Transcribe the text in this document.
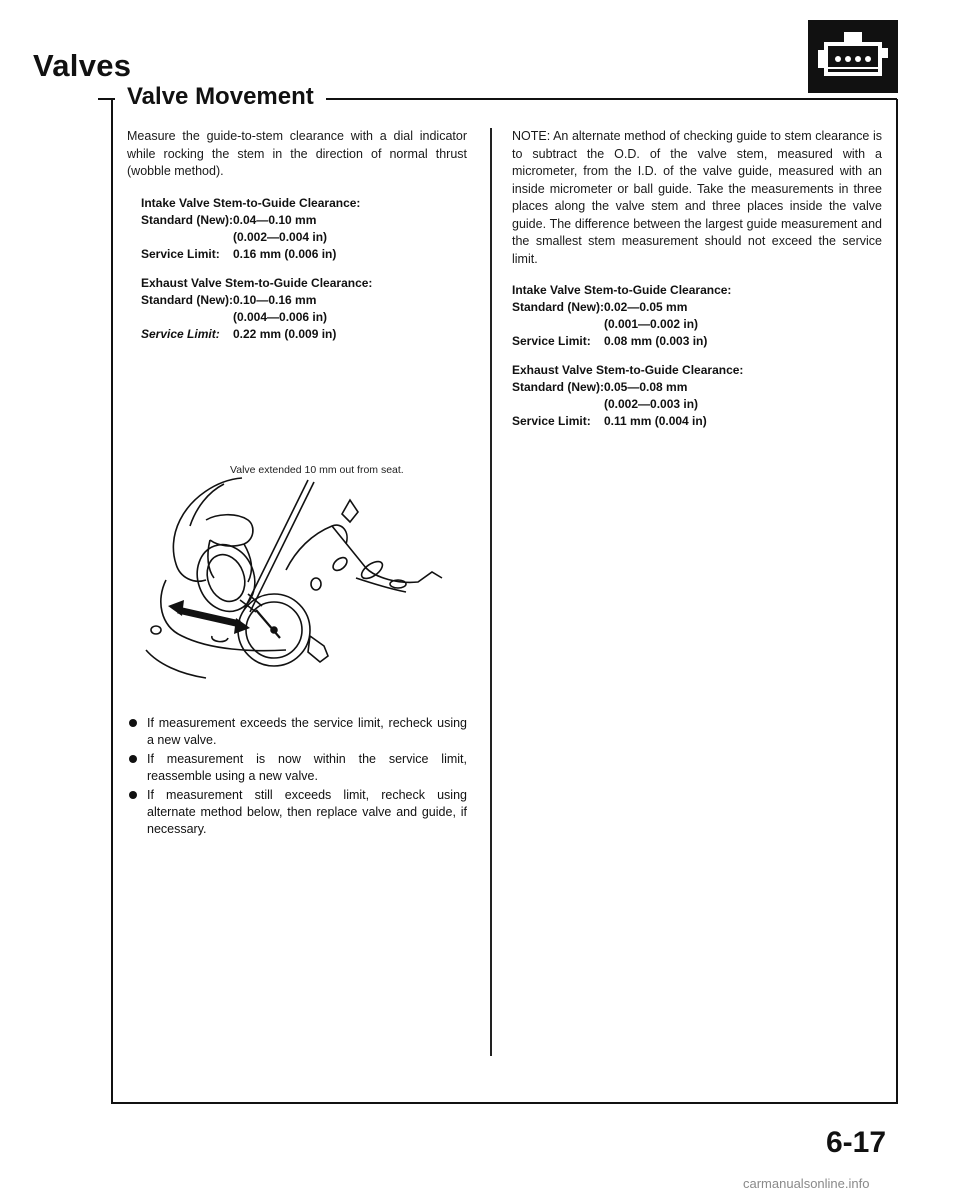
Valves
Valve Movement

Measure the guide-to-stem clearance with a dial indicator while rocking the stem in the direction of normal thrust (wobble method).

Intake Valve Stem-to-Guide Clearance:
Standard (New): 0.04—0.10 mm
(0.002—0.004 in)
Service Limit:	0.16 mm (0.006 in)
Exhaust Valve Stem-to-Guide Clearance:
Standard (New): 0.10—0.16 mm
(0.004—0.006 in)
Service Limit:	0.22 mm (0.009 in)
Valve extended 10 mm out from seat.
If measurement exceeds the service limit, recheck using a new valve.
If measurement is now within the service limit, reassemble using a new valve.
If measurement still exceeds limit, recheck using alternate method below, then replace valve and guide, if necessary.

NOTE: An alternate method of checking guide to stem clearance is to subtract the O.D. of the valve stem, measured with a micrometer, from the I.D. of the valve guide, measured with an inside micrometer or ball guide. Take the measurements in three places along the valve stem and three places inside the valve guide. The difference between the largest guide measurement and the smallest stem measurement should not exceed the service limit.

Intake Valve Stem-to-Guide Clearance:
Standard (New): 0.02—0.05 mm
(0.001—0.002 in)
Service Limit:	0.08 mm (0.003 in)
Exhaust Valve Stem-to-Guide Clearance:
Standard (New): 0.05—0.08 mm
(0.002—0.003 in)
Service Limit:	0.11 mm (0.004 in)
6-17
carmanualsonline.info
